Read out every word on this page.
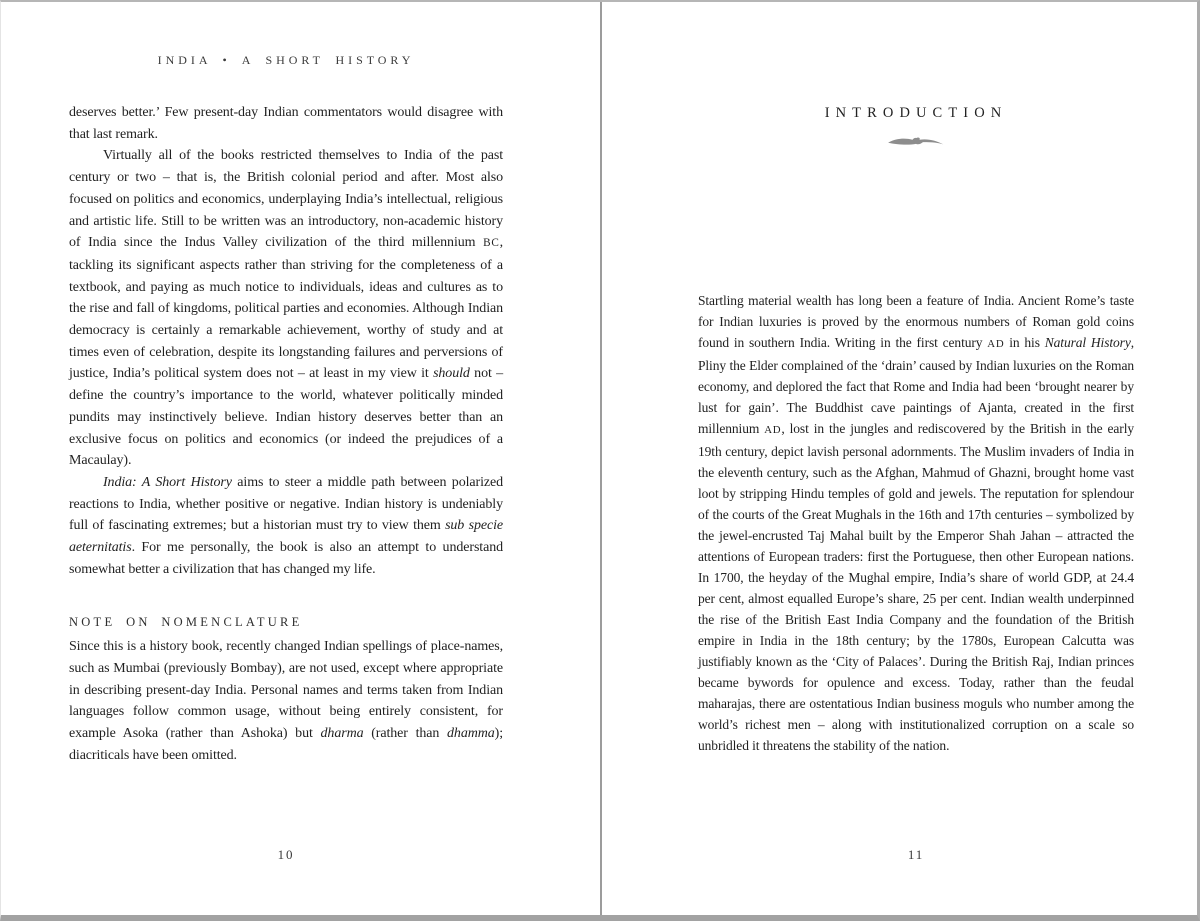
INDIA • A SHORT HISTORY

deserves better.’ Few present-day Indian commentators would disagree with that last remark.

Virtually all of the books restricted themselves to India of the past century or two – that is, the British colonial period and after. Most also focused on politics and economics, underplaying India’s intellectual, religious and artistic life. Still to be written was an introductory, non-academic history of India since the Indus Valley civilization of the third millennium BC, tackling its significant aspects rather than striving for the completeness of a textbook, and paying as much notice to individuals, ideas and cultures as to the rise and fall of kingdoms, political parties and economies. Although Indian democracy is certainly a remarkable achievement, worthy of study and at times even of celebration, despite its longstanding failures and perversions of justice, India’s political system does not – at least in my view it should not – define the country’s importance to the world, whatever politically minded pundits may instinctively believe. Indian history deserves better than an exclusive focus on politics and economics (or indeed the prejudices of a Macaulay).

India: A Short History aims to steer a middle path between polarized reactions to India, whether positive or negative. Indian history is undeniably full of fascinating extremes; but a historian must try to view them sub specie aeternitatis. For me personally, the book is also an attempt to understand somewhat better a civilization that has changed my life.

NOTE ON NOMENCLATURE

Since this is a history book, recently changed Indian spellings of place-names, such as Mumbai (previously Bombay), are not used, except where appropriate in describing present-day India. Personal names and terms taken from Indian languages follow common usage, without being entirely consistent, for example Asoka (rather than Ashoka) but dharma (rather than dhamma); diacriticals have been omitted.

10
INTRODUCTION

Startling material wealth has long been a feature of India. Ancient Rome’s taste for Indian luxuries is proved by the enormous numbers of Roman gold coins found in southern India. Writing in the first century AD in his Natural History, Pliny the Elder complained of the ‘drain’ caused by Indian luxuries on the Roman economy, and deplored the fact that Rome and India had been ‘brought nearer by lust for gain’. The Buddhist cave paintings of Ajanta, created in the first millennium AD, lost in the jungles and rediscovered by the British in the early 19th century, depict lavish personal adornments. The Muslim invaders of India in the eleventh century, such as the Afghan, Mahmud of Ghazni, brought home vast loot by stripping Hindu temples of gold and jewels. The reputation for splendour of the courts of the Great Mughals in the 16th and 17th centuries – symbolized by the jewel-encrusted Taj Mahal built by the Emperor Shah Jahan – attracted the attentions of European traders: first the Portuguese, then other European nations. In 1700, the heyday of the Mughal empire, India’s share of world GDP, at 24.4 per cent, almost equalled Europe’s share, 25 per cent. Indian wealth underpinned the rise of the British East India Company and the foundation of the British empire in India in the 18th century; by the 1780s, European Calcutta was justifiably known as the ‘City of Palaces’. During the British Raj, Indian princes became bywords for opulence and excess. Today, rather than the feudal maharajas, there are ostentatious Indian business moguls who number among the world’s richest men – along with institutionalized corruption on a scale so unbridled it threatens the stability of the nation.

11
